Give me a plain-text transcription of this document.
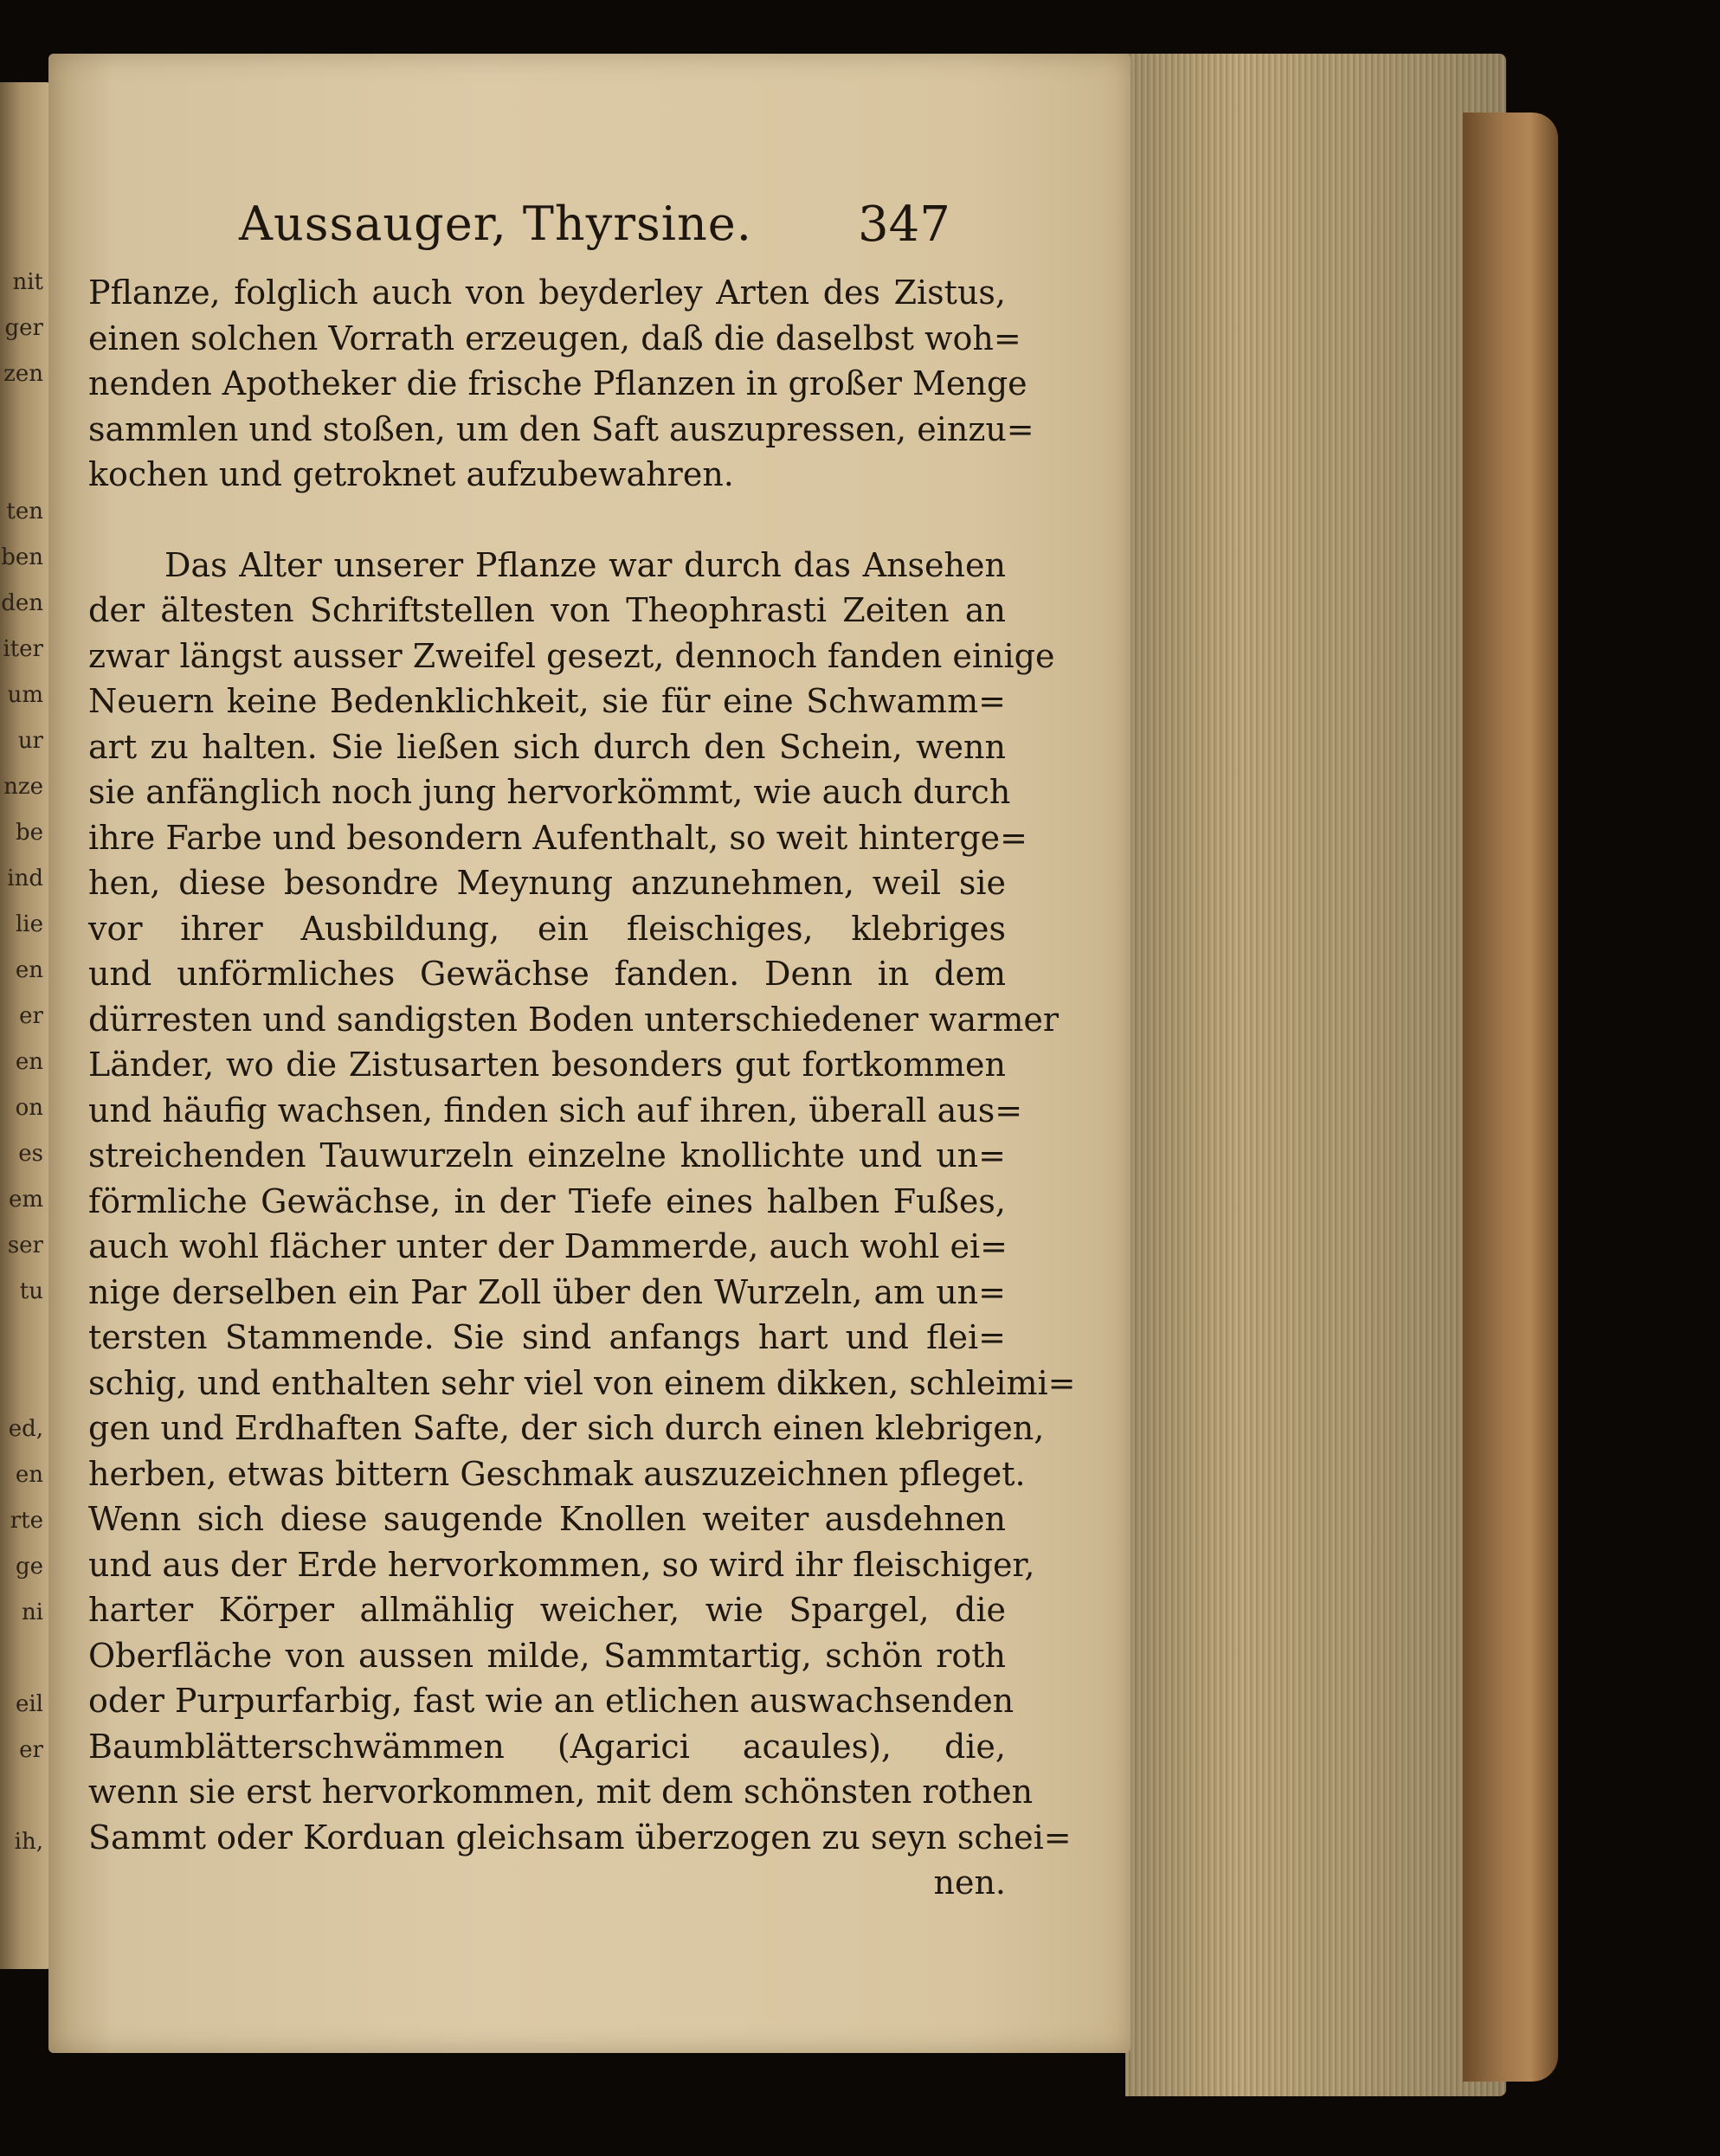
nit
ger
zen

ten
ben
den
iter
um
ur
nze
be
ind
lie
en
er
en
on
es
em
ser
tu

ed,
en
rte
ge
ni

eil
er

ih,
Aussauger, Thyrsine. 347
Pflanze, folglich auch von beyderley Arten des Zistus,
einen solchen Vorrath erzeugen, daß die daselbst woh=
nenden Apotheker die frische Pflanzen in großer Menge
sammlen und stoßen, um den Saft auszupressen, einzu=
kochen und getroknet aufzubewahren.
Das Alter unserer Pflanze war durch das Ansehen
der ältesten Schriftstellen von Theophrasti Zeiten an
zwar längst ausser Zweifel gesezt, dennoch fanden einige
Neuern keine Bedenklichkeit, sie für eine Schwamm=
art zu halten. Sie ließen sich durch den Schein, wenn
sie anfänglich noch jung hervorkömmt, wie auch durch
ihre Farbe und besondern Aufenthalt, so weit hinterge=
hen, diese besondre Meynung anzunehmen, weil sie
vor ihrer Ausbildung, ein fleischiges, klebriges
und unförmliches Gewächse fanden. Denn in dem
dürresten und sandigsten Boden unterschiedener warmer
Länder, wo die Zistusarten besonders gut fortkommen
und häufig wachsen, finden sich auf ihren, überall aus=
streichenden Tauwurzeln einzelne knollichte und un=
förmliche Gewächse, in der Tiefe eines halben Fußes,
auch wohl flächer unter der Dammerde, auch wohl ei=
nige derselben ein Par Zoll über den Wurzeln, am un=
tersten Stammende. Sie sind anfangs hart und flei=
schig, und enthalten sehr viel von einem dikken, schleimi=
gen und Erdhaften Safte, der sich durch einen klebrigen,
herben, etwas bittern Geschmak auszuzeichnen pfleget.
Wenn sich diese saugende Knollen weiter ausdehnen
und aus der Erde hervorkommen, so wird ihr fleischiger,
harter Körper allmählig weicher, wie Spargel, die
Oberfläche von aussen milde, Sammtartig, schön roth
oder Purpurfarbig, fast wie an etlichen auswachsenden
Baumblätterschwämmen (Agarici acaules), die,
wenn sie erst hervorkommen, mit dem schönsten rothen
Sammt oder Korduan gleichsam überzogen zu seyn schei=
nen.
